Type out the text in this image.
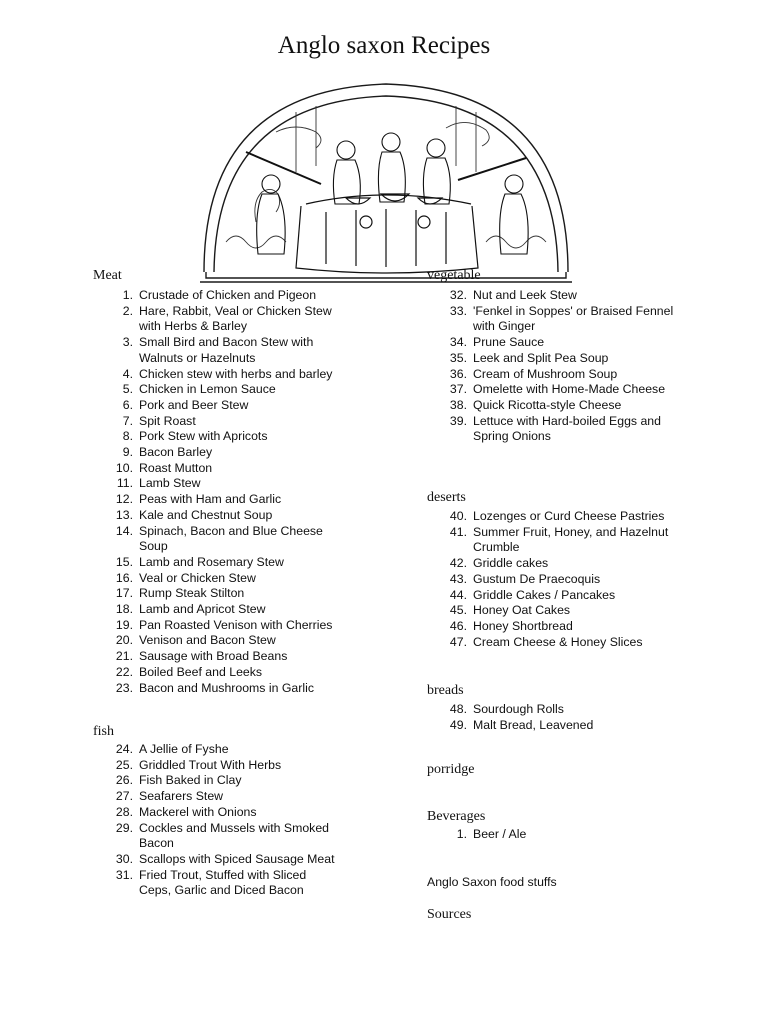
Anglo saxon Recipes
Meat
1. Crustade of Chicken and Pigeon
2. Hare, Rabbit, Veal or Chicken Stew
with Herbs & Barley
3. Small Bird and Bacon Stew with
Walnuts or Hazelnuts
4. Chicken stew with herbs and barley
5. Chicken in Lemon Sauce
6. Pork and Beer Stew
7. Spit Roast
8. Pork Stew with Apricots
9. Bacon Barley
10. Roast Mutton
11. Lamb Stew
12. Peas with Ham and Garlic
13. Kale and Chestnut Soup
14. Spinach, Bacon and Blue Cheese
Soup
15. Lamb and Rosemary Stew
16. Veal or Chicken Stew
17. Rump Steak Stilton
18. Lamb and Apricot Stew
19. Pan Roasted Venison with Cherries
20. Venison and Bacon Stew
21. Sausage with Broad Beans
22. Boiled Beef and Leeks
23. Bacon and Mushrooms in Garlic
fish
24. A Jellie of Fyshe
25. Griddled Trout With Herbs
26. Fish Baked in Clay
27. Seafarers Stew
28. Mackerel with Onions
29. Cockles and Mussels with Smoked
Bacon
30. Scallops with Spiced Sausage Meat
31. Fried Trout, Stuffed with Sliced
Ceps, Garlic and Diced Bacon
vegetable
32. Nut and Leek Stew
33. 'Fenkel in Soppes' or Braised Fennel
with Ginger
34. Prune Sauce
35. Leek and Split Pea Soup
36. Cream of Mushroom Soup
37. Omelette with Home-Made Cheese
38. Quick Ricotta-style Cheese
39. Lettuce with Hard-boiled Eggs and
Spring Onions
deserts
40. Lozenges or Curd Cheese Pastries
41. Summer Fruit, Honey, and Hazelnut
Crumble
42. Griddle cakes
43. Gustum De Praecoquis
44. Griddle Cakes / Pancakes
45. Honey Oat Cakes
46. Honey Shortbread
47. Cream Cheese & Honey Slices
breads
48. Sourdough Rolls
49. Malt Bread, Leavened
porridge
Beverages
1. Beer / Ale
Anglo Saxon food stuffs
Sources
